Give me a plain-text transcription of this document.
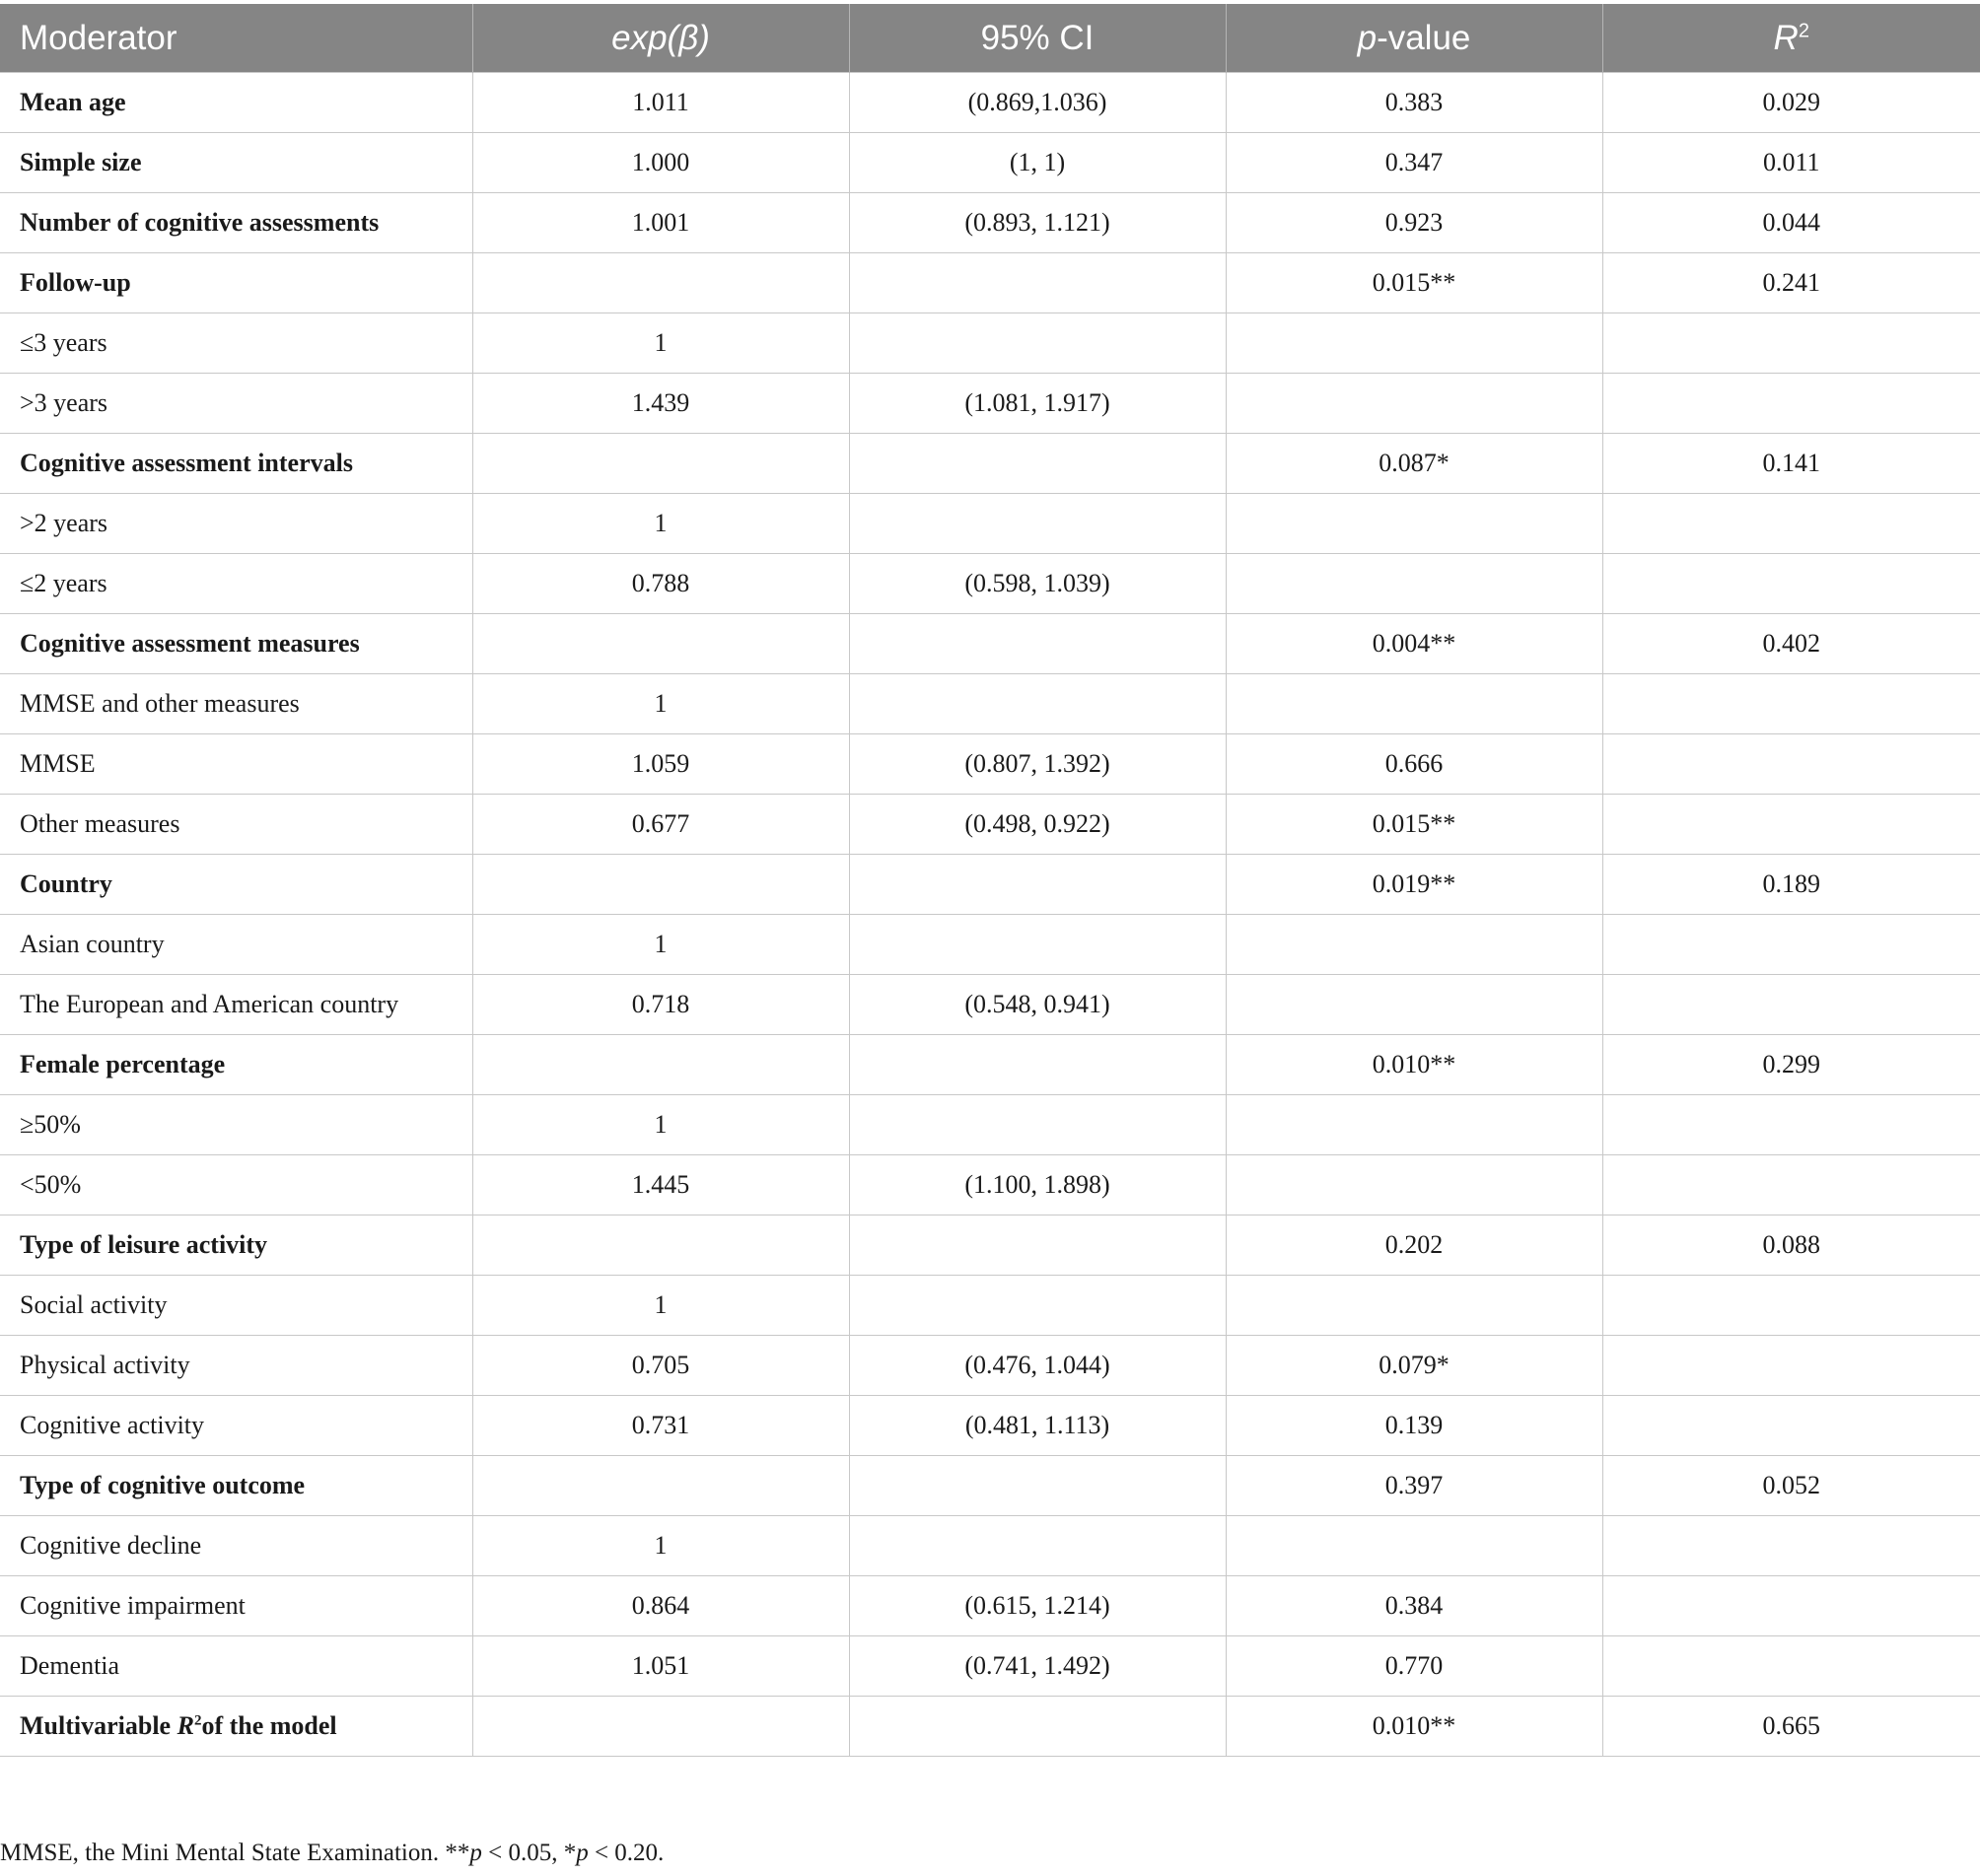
Moderator	exp(β)	95% CI	p-value	$R^2$
Mean age	1.011	(0.869,1.036)	0.383	0.029
Simple size	1.000	(1, 1)	0.347	0.011
Number of cognitive assessments	1.001	(0.893, 1.121)	0.923	0.044
Follow-up			0.015**	0.241
≤3 years	1			
>3 years	1.439	(1.081, 1.917)		
Cognitive assessment intervals			0.087*	0.141
>2 years	1			
≤2 years	0.788	(0.598, 1.039)		
Cognitive assessment measures			0.004**	0.402
MMSE and other measures	1			
MMSE	1.059	(0.807, 1.392)	0.666	
Other measures	0.677	(0.498, 0.922)	0.015**	
Country			0.019**	0.189
Asian country	1			
The European and American country	0.718	(0.548, 0.941)		
Female percentage			0.010**	0.299
≥50%	1			
<50%	1.445	(1.100, 1.898)		
Type of leisure activity			0.202	0.088
Social activity	1			
Physical activity	0.705	(0.476, 1.044)	0.079*	
Cognitive activity	0.731	(0.481, 1.113)	0.139	
Type of cognitive outcome			0.397	0.052
Cognitive decline	1			
Cognitive impairment	0.864	(0.615, 1.214)	0.384	
Dementia	1.051	(0.741, 1.492)	0.770	
Multivariable $R^2of$ the model			0.010**	0.665
MMSE, the Mini Mental State Examination. **p < 0.05, *p < 0.20.
